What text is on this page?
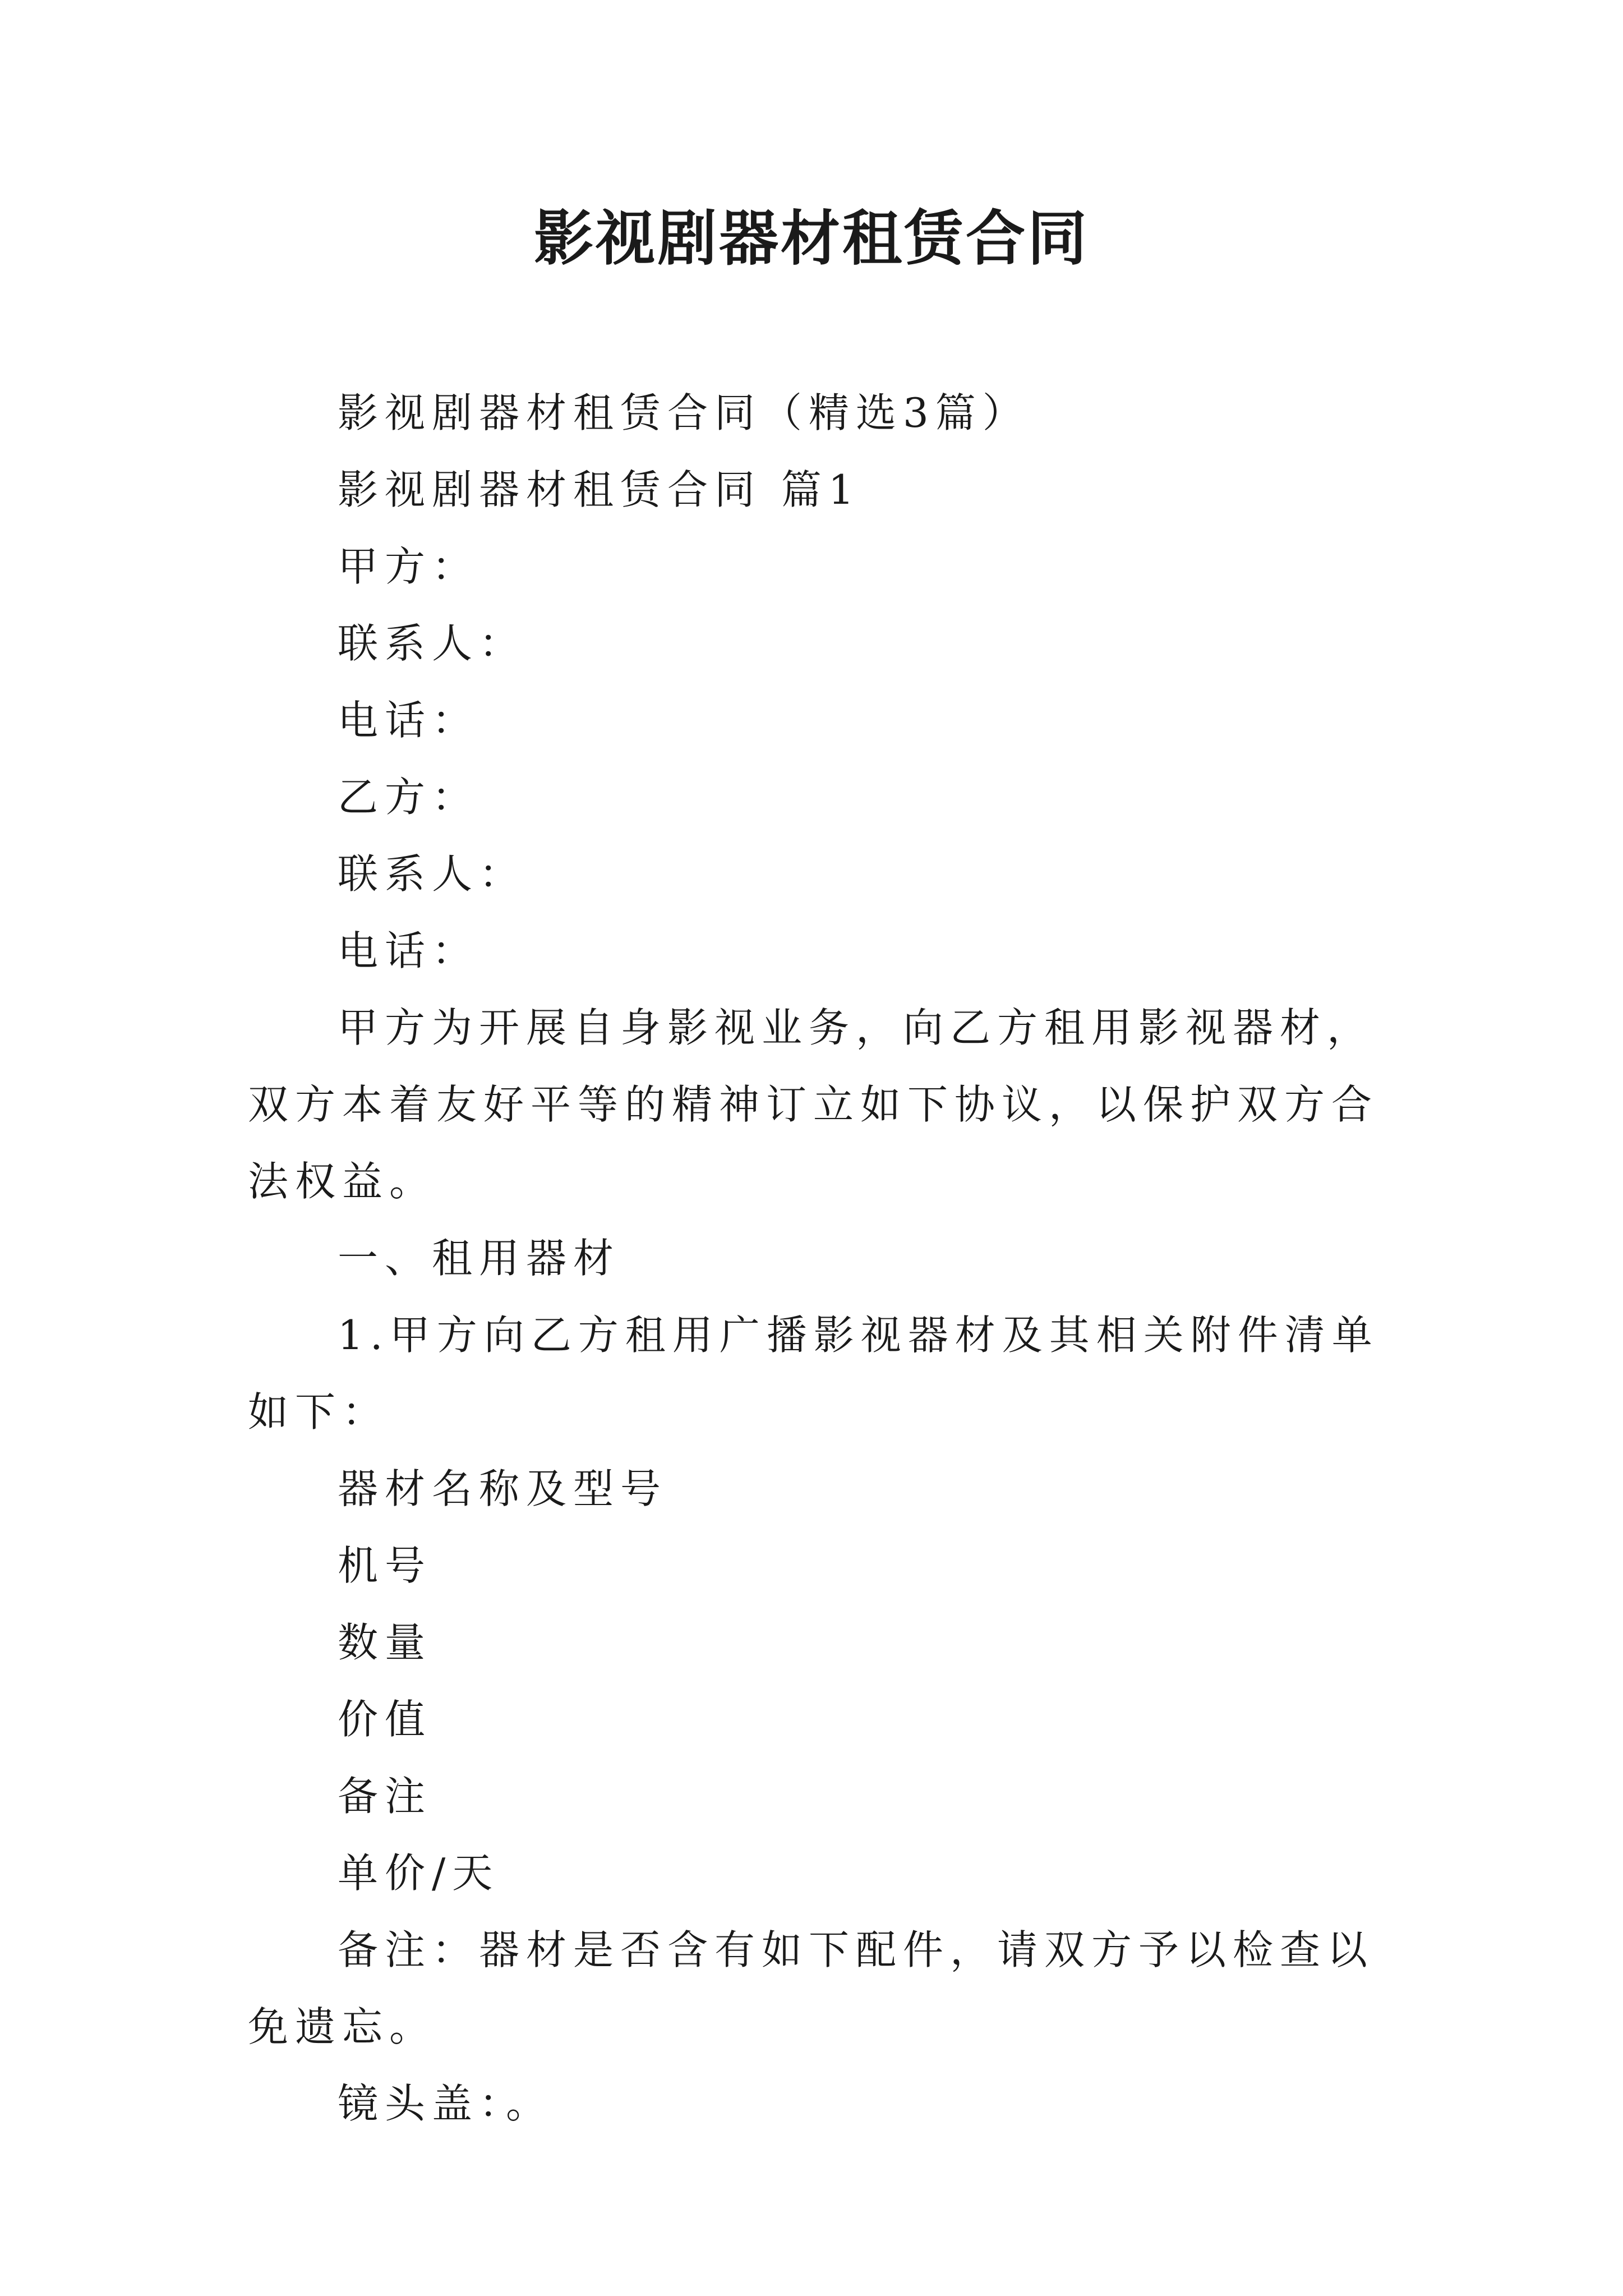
影视剧器材租赁合同

影视剧器材租赁合同（精选3篇）

影视剧器材租赁合同 篇1

甲方：

联系人：

电话：

乙方：

联系人：

电话：

甲方为开展自身影视业务，向乙方租用影视器材，双方本着友好平等的精神订立如下协议，以保护双方合法权益。

一、租用器材

1.甲方向乙方租用广播影视器材及其相关附件清单如下：

器材名称及型号

机号

数量

价值

备注

单价/天

备注：器材是否含有如下配件，请双方予以检查以免遗忘。

镜头盖：。
